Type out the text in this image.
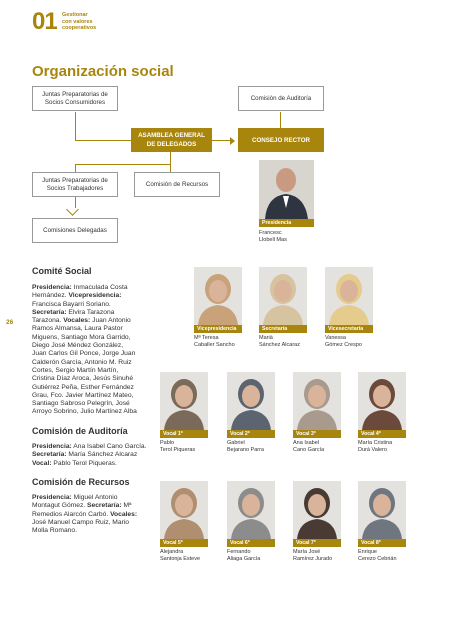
01 Gestionar
con valores
cooperativos
Organización social
26
Juntas Preparatorias de
Socios Consumidores
Comisión de Auditoría
ASAMBLEA GENERAL
DE DELEGADOS
CONSEJO RECTOR
Juntas Preparatorias de
Socios Trabajadores
Comisión de Recursos
Comisiones Delegadas
Presidencia
Francesc
Llobell Mas
Comité Social
Presidencia: Inmaculada Costa
Hernández. Vicepresidencia:
Francisca Bayarri Soriano.
Secretaría: Elvira Tarazona
Tarazona. Vocales: Juan Antonio
Ramos Almansa, Laura Pastor
Miguens, Santiago Mora Garrido,
Diego José Méndez González,
Juan Carlos Gil Ponce, Jorge Juan
Calderón García, Antonio M. Ruiz
Cortes, Sergio Martín Martín,
Cristina Díaz Aroca, Jesús Sinuhé
Gutiérrez Peña, Esther Fernández
Grau, Fco. Javier Martínez Mateo,
Santiago Sabroso Pelegrín, José
Arroyo Sobrino, Julio Martínez Alba
Comisión de Auditoría
Presidencia: Ana Isabel Cano García.
Secretaría: María Sánchez Alcaraz
Vocal: Pablo Terol Piqueras.
Comisión de Recursos
Presidencia: Miguel Antonio
Montagut Gómez. Secretaría: Mª
Remedios Alarcón Carbó. Vocales:
José Manuel Campo Ruiz, Mario
Molla Romano.
Vicepresidencia
Mª Teresa
Caballer Sancho
Secretaría
Marià
Sánchez Alcaraz
Vicesecretaría
Vanessa
Gómez Crespo
Vocal 1º
Pablo
Terol Piqueras
Vocal 2º
Gabriel
Bejarano Parra
Vocal 3º
Ana Isabel
Cano García
Vocal 4º
María Cristina
Durá Valero
Vocal 5º
Alejandra
Santonja Esteve
Vocal 6º
Fernando
Aliaga García
Vocal 7º
María José
Ramírez Jurado
Vocal 8º
Enrique
Cerezo Cebrián
